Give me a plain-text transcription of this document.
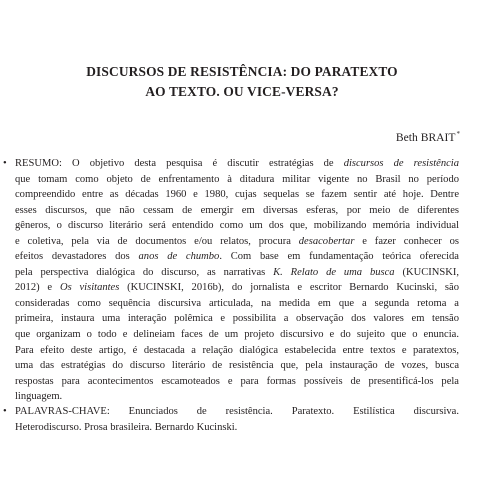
DISCURSOS DE RESISTÊNCIA: DO PARATEXTO
AO TEXTO. OU VICE-VERSA?
Beth BRAIT*
• RESUMO: O objetivo desta pesquisa é discutir estratégias de discursos de resistência
que tomam como objeto de enfrentamento à ditadura militar vigente no Brasil no período
compreendido entre as décadas 1960 e 1980, cujas sequelas se fazem sentir até hoje. Dentre
esses discursos, que não cessam de emergir em diversas esferas, por meio de diferentes
gêneros, o discurso literário será entendido como um dos que, mobilizando memória individual
e coletiva, pela via de documentos e/ou relatos, procura desacobertar e fazer conhecer os
efeitos devastadores dos anos de chumbo. Com base em fundamentação teórica oferecida
pela perspectiva dialógica do discurso, as narrativas K. Relato de uma busca (KUCINSKI,
2012) e Os visitantes (KUCINSKI, 2016b), do jornalista e escritor Bernardo Kucinski, são
consideradas como sequência discursiva articulada, na medida em que a segunda retoma a
primeira, instaura uma interação polêmica e possibilita a observação dos valores em tensão
que organizam o todo e delineiam faces de um projeto discursivo e do sujeito que o enuncia.
Para efeito deste artigo, é destacada a relação dialógica estabelecida entre textos e paratextos,
uma das estratégias do discurso literário de resistência que, pela instauração de vozes, busca
respostas para acontecimentos escamoteados e para formas possíveis de presentificá-los pela
linguagem.
• PALAVRAS-CHAVE: Enunciados de resistência. Paratexto. Estilística discursiva.
Heterodiscurso. Prosa brasileira. Bernardo Kucinski.
